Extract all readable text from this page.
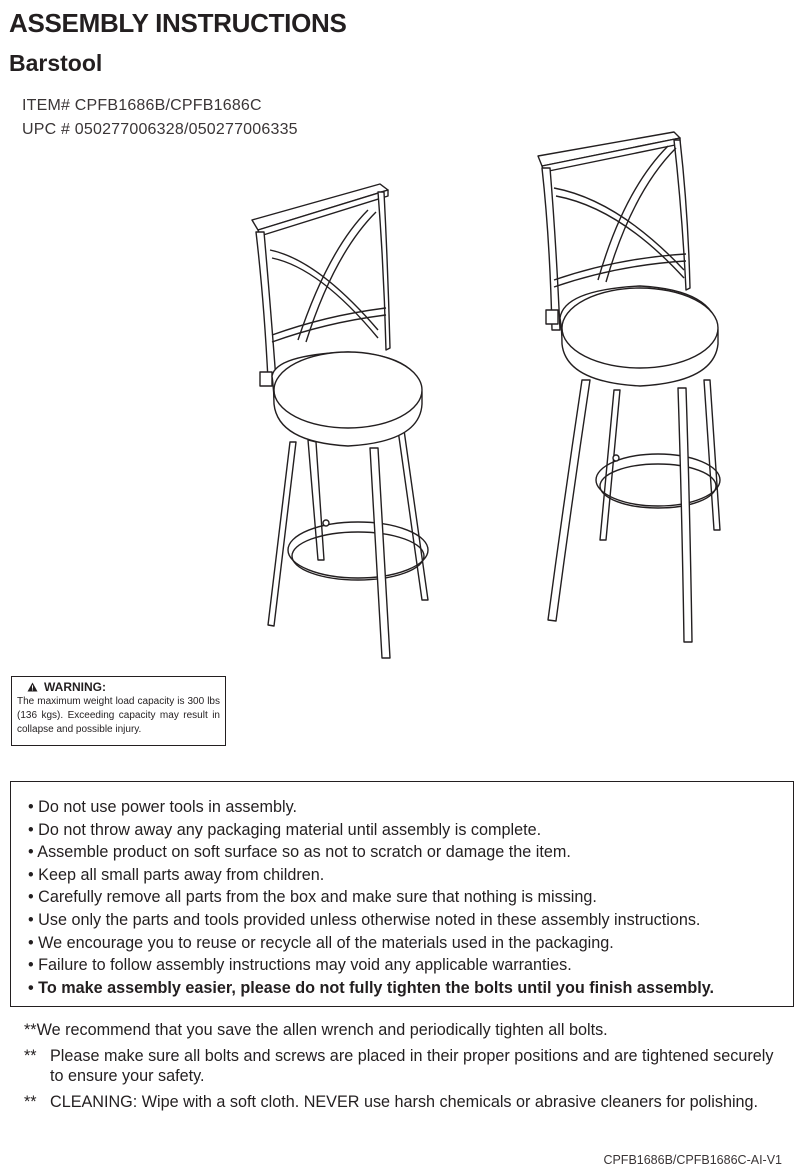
ASSEMBLY INSTRUCTIONS
Barstool
ITEM# CPFB1686B/CPFB1686C
UPC # 050277006328/050277006335
WARNING:
The maximum weight load capacity is 300 lbs (136 kgs). Exceeding capacity may result in collapse and possible injury.
• Do not use power tools in assembly.
• Do not throw away any packaging material until assembly is complete.
• Assemble product on soft surface so as not to scratch or damage the item.
• Keep all small parts away from children.
• Carefully remove all parts from the box and make sure that nothing is missing.
• Use only the parts and tools provided unless otherwise noted in these assembly instructions.
• We encourage you to reuse or recycle all of the materials used in the packaging.
• Failure to follow assembly instructions may void any applicable warranties.
• To make assembly easier, please do not fully tighten the bolts until you finish assembly.
** We recommend that you save the allen wrench and periodically tighten all bolts.
** Please make sure all bolts and screws are placed in their proper positions and are tightened securely to ensure your safety.
** CLEANING: Wipe with a soft cloth. NEVER use harsh chemicals or abrasive cleaners for polishing.
CPFB1686B/CPFB1686C-AI-V1
